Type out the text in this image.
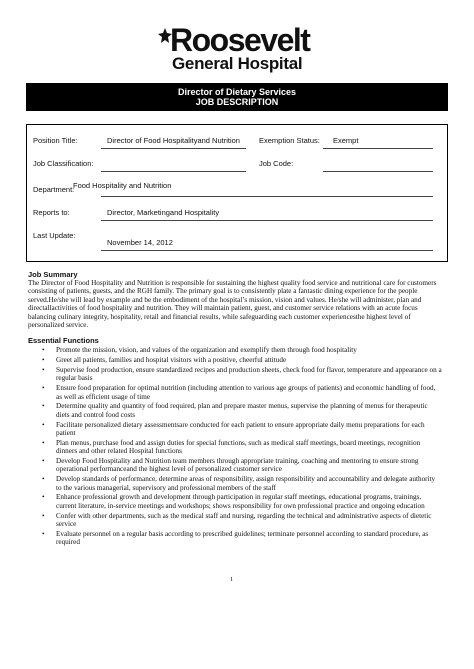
Roosevelt
General Hospital
Director of Dietary Services
JOB DESCRIPTION
Position Title:	Director of Food Hospitalityand Nutrition	Exemption Status: Exempt
Job Classification:	Job Code:
Department:
Food Hospitality and Nutrition
Reports to:	Director, Marketingand Hospitality
Last Update:
November 14, 2012
Job Summary
The Director of Food Hospitality and Nutrition is responsible for sustaining the highest quality food service and nutritional care for customers consisting of patients, guests, and the RGH family. The primary goal is to consistently plate a fantastic dining experience for the people served.He/she will lead by example and be the embodiment of the hospital’s mission, vision and values. He/she will administer, plan and directallactivities of food hospitality and nutrition. They will maintain patient, guest, and customer service relations with an acute focus balancing culinary integrity, hospitality, retail and financial results, while safeguarding each customer experiencesthe highest level of personalized service.
Essential Functions
• Promote the mission, vision, and values of the organization and exemplify them through food hospitality
• Greet all patients, families and hospital visitors with a positive, cheerful attitude
• Supervise food production, ensure standardized recipes and production sheets, check food for flavor, temperature and appearance on a regular basis
• Ensure food preparation for optimal nutrition (including attention to various age groups of patients) and economic handling of food, as well as efficient usage of time
• Determine quality and quantity of food required, plan and prepare master menus, supervise the planning of menus for therapeutic diets and control food costs
• Facilitate personalized dietary assessmentsare conducted for each patient to ensure appropriate daily menu preparations for each patient
• Plan menus, purchase food and assign duties for special functions, such as medical staff meetings, board meetings, recognition dinners and other related Hospital functions
• Develop Food Hospitality and Nutrition team members through appropriate training, coaching and mentoring to ensure strong operational performanceand the highest level of personalized customer service
• Develop standards of performance, determine areas of responsibility, assign responsibility and accountability and delegate authority to the various managerial, supervisory and professional members of the staff
• Enhance professional growth and development through participation in regular staff meetings, educational programs, trainings, current literature, in-service meetings and workshops; shows responsibility for own professional practice and ongoing education
• Confer with other departments, such as the medical staff and nursing, regarding the technical and administrative aspects of dietetic service
• Evaluate personnel on a regular basis according to prescribed guidelines; terminate personnel according to standard procedure, as required
1
